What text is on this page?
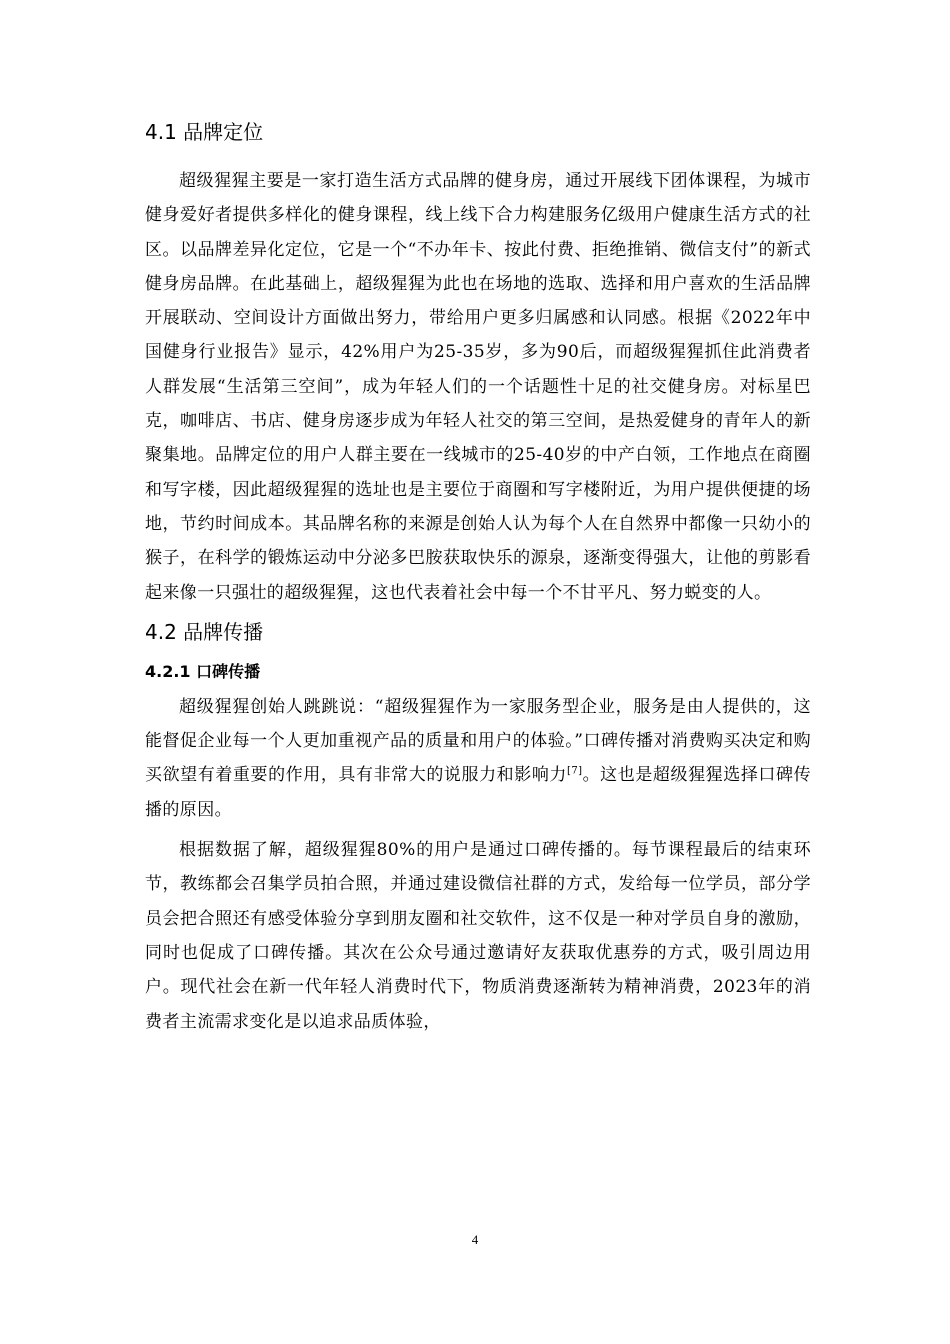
4.1 品牌定位

超级猩猩主要是一家打造生活方式品牌的健身房，通过开展线下团体课程，为城市健身爱好者提供多样化的健身课程，线上线下合力构建服务亿级用户健康生活方式的社区。以品牌差异化定位，它是一个“不办年卡、按此付费、拒绝推销、微信支付”的新式健身房品牌。在此基础上，超级猩猩为此也在场地的选取、选择和用户喜欢的生活品牌开展联动、空间设计方面做出努力，带给用户更多归属感和认同感。根据《2022年中国健身行业报告》显示，42%用户为25-35岁，多为90后，而超级猩猩抓住此消费者人群发展“生活第三空间”，成为年轻人们的一个话题性十足的社交健身房。对标星巴克，咖啡店、书店、健身房逐步成为年轻人社交的第三空间，是热爱健身的青年人的新聚集地。品牌定位的用户人群主要在一线城市的25-40岁的中产白领，工作地点在商圈和写字楼，因此超级猩猩的选址也是主要位于商圈和写字楼附近，为用户提供便捷的场地，节约时间成本。其品牌名称的来源是创始人认为每个人在自然界中都像一只幼小的猴子，在科学的锻炼运动中分泌多巴胺获取快乐的源泉，逐渐变得强大，让他的剪影看起来像一只强壮的超级猩猩，这也代表着社会中每一个不甘平凡、努力蜕变的人。

4.2 品牌传播
4.2.1 口碑传播

超级猩猩创始人跳跳说：“超级猩猩作为一家服务型企业，服务是由人提供的，这能督促企业每一个人更加重视产品的质量和用户的体验。”口碑传播对消费购买决定和购买欲望有着重要的作用，具有非常大的说服力和影响力[7]。这也是超级猩猩选择口碑传播的原因。

根据数据了解，超级猩猩80%的用户是通过口碑传播的。每节课程最后的结束环节，教练都会召集学员拍合照，并通过建设微信社群的方式，发给每一位学员，部分学员会把合照还有感受体验分享到朋友圈和社交软件，这不仅是一种对学员自身的激励，同时也促成了口碑传播。其次在公众号通过邀请好友获取优惠券的方式，吸引周边用户。现代社会在新一代年轻人消费时代下，物质消费逐渐转为精神消费，2023年的消费者主流需求变化是以追求品质体验，

4
